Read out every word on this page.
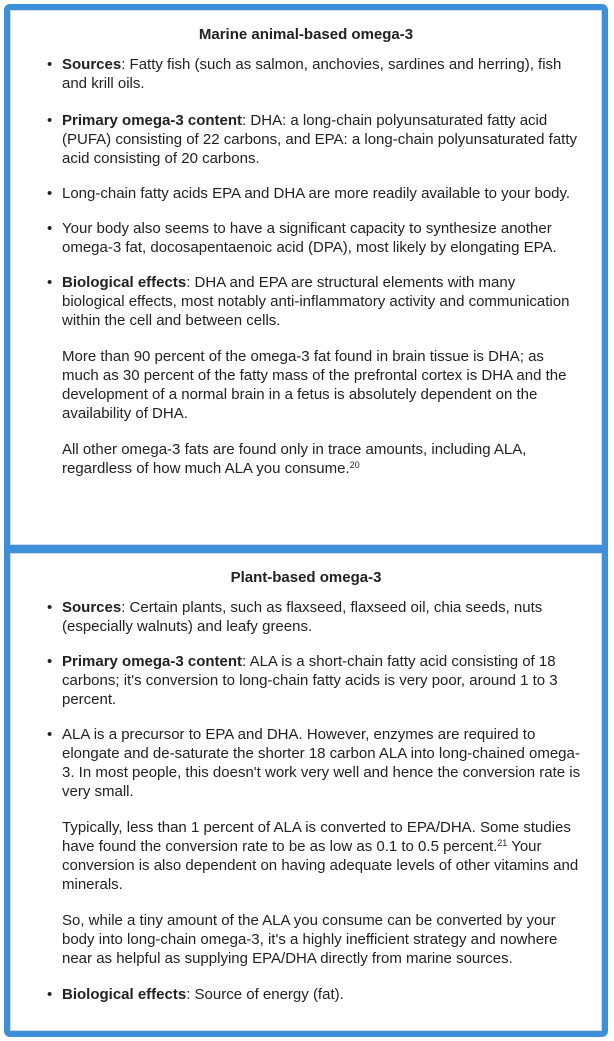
Marine animal-based omega-3
• Sources: Fatty fish (such as salmon, anchovies, sardines and herring), fish and krill oils.

• Primary omega-3 content: DHA: a long-chain polyunsaturated fatty acid (PUFA) consisting of 22 carbons, and EPA: a long-chain polyunsaturated fatty acid consisting of 20 carbons.

• Long-chain fatty acids EPA and DHA are more readily available to your body.

• Your body also seems to have a significant capacity to synthesize another omega-3 fat, docosapentaenoic acid (DPA), most likely by elongating EPA.

• Biological effects: DHA and EPA are structural elements with many biological effects, most notably anti-inflammatory activity and communication within the cell and between cells.

More than 90 percent of the omega-3 fat found in brain tissue is DHA; as much as 30 percent of the fatty mass of the prefrontal cortex is DHA and the development of a normal brain in a fetus is absolutely dependent on the availability of DHA.

All other omega-3 fats are found only in trace amounts, including ALA, regardless of how much ALA you consume.$^{20}$

Plant-based omega-3
• Sources: Certain plants, such as flaxseed, flaxseed oil, chia seeds, nuts (especially walnuts) and leafy greens.

• Primary omega-3 content: ALA is a short-chain fatty acid consisting of 18 carbons; it's conversion to long-chain fatty acids is very poor, around 1 to 3 percent.

• ALA is a precursor to EPA and DHA. However, enzymes are required to elongate and de-saturate the shorter 18 carbon ALA into long-chained omega-3. In most people, this doesn't work very well and hence the conversion rate is very small.

Typically, less than 1 percent of ALA is converted to EPA/DHA. Some studies have found the conversion rate to be as low as 0.1 to 0.5 percent.$^{21}$ Your conversion is also dependent on having adequate levels of other vitamins and minerals.

So, while a tiny amount of the ALA you consume can be converted by your body into long-chain omega-3, it's a highly inefficient strategy and nowhere near as helpful as supplying EPA/DHA directly from marine sources.

• Biological effects: Source of energy (fat).
